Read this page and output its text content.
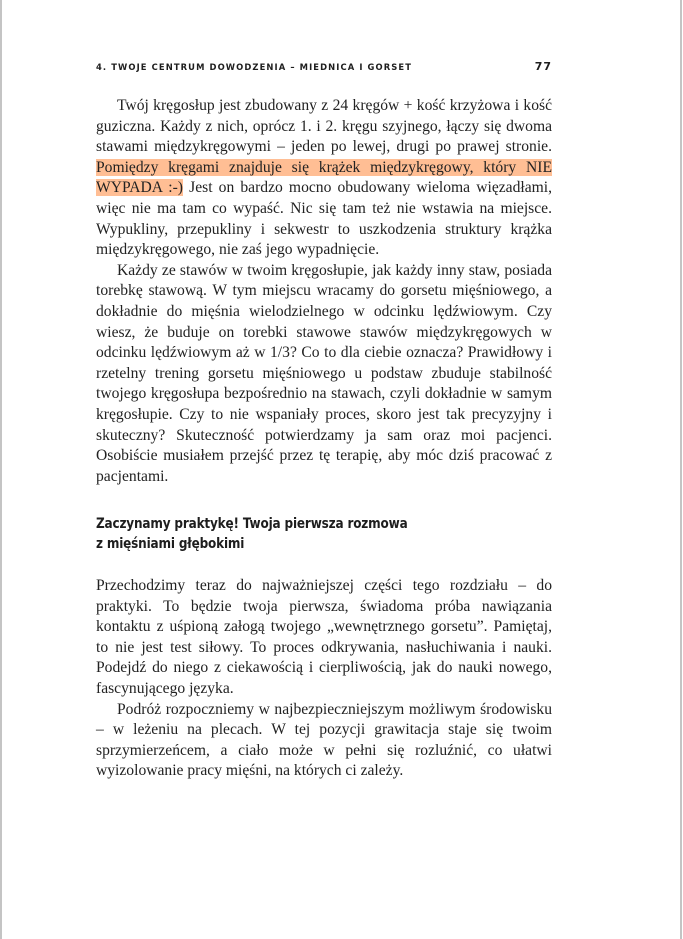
4. TWOJE CENTRUM DOWODZENIA – MIEDNICA I GORSET	77

Twój kręgosłup jest zbudowany z 24 kręgów + kość krzyżowa i kość guziczna. Każdy z nich, oprócz 1. i 2. kręgu szyjnego, łączy się dwoma stawami międzykręgowymi – jeden po lewej, drugi po prawej stronie. Pomiędzy kręgami znajduje się krążek międzykręgowy, który NIE WYPADA :-) Jest on bardzo mocno obudowany wieloma więzadłami, więc nie ma tam co wypaść. Nic się tam też nie wstawia na miejsce. Wypukliny, przepukliny i sekwestr to uszkodzenia struktury krążka międzykręgowego, nie zaś jego wypadnięcie.

Każdy ze stawów w twoim kręgosłupie, jak każdy inny staw, posiada torebkę stawową. W tym miejscu wracamy do gorsetu mięśniowego, a dokładnie do mięśnia wielodzielnego w odcinku lędźwiowym. Czy wiesz, że buduje on torebki stawowe stawów międzykręgowych w odcinku lędźwiowym aż w 1/3? Co to dla ciebie oznacza? Prawidłowy i rzetelny trening gorsetu mięśniowego u podstaw zbuduje stabilność twojego kręgosłupa bezpośrednio na stawach, czyli dokładnie w samym kręgosłupie. Czy to nie wspaniały proces, skoro jest tak precyzyjny i skuteczny? Skuteczność potwierdzamy ja sam oraz moi pacjenci. Osobiście musiałem przejść przez tę terapię, aby móc dziś pracować z pacjentami.

Zaczynamy praktykę! Twoja pierwsza rozmowa
z mięśniami głębokimi

Przechodzimy teraz do najważniejszej części tego rozdziału – do praktyki. To będzie twoja pierwsza, świadoma próba nawiązania kontaktu z uśpioną załogą twojego „wewnętrznego gorsetu”. Pamiętaj, to nie jest test siłowy. To proces odkrywania, nasłuchiwania i nauki. Podejdź do niego z ciekawością i cierpliwością, jak do nauki nowego, fascynującego języka.

Podróż rozpoczniemy w najbezpieczniejszym możliwym środowisku – w leżeniu na plecach. W tej pozycji grawitacja staje się twoim sprzymierzeńcem, a ciało może w pełni się rozluźnić, co ułatwi wyizolowanie pracy mięśni, na których ci zależy.
